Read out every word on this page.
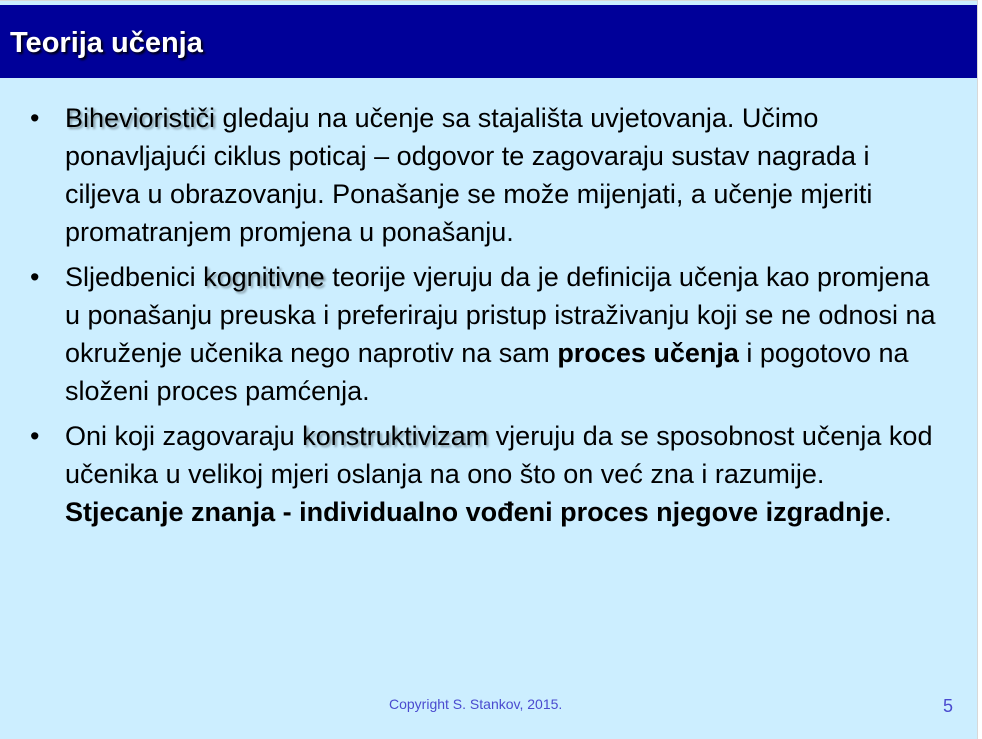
Teorija učenja
• Biheviorističi gledaju na učenje sa stajališta uvjetovanja. Učimo ponavljajući ciklus poticaj – odgovor te zagovaraju sustav nagrada i ciljeva u obrazovanju. Ponašanje se može mijenjati, a učenje mjeriti promatranjem promjena u ponašanju.
• Sljedbenici kognitivne teorije vjeruju da je definicija učenja kao promjena u ponašanju preuska i preferiraju pristup istraživanju koji se ne odnosi na okruženje učenika nego naprotiv na sam proces učenja i pogotovo na složeni proces pamćenja.
• Oni koji zagovaraju konstruktivizam vjeruju da se sposobnost učenja kod učenika u velikoj mjeri oslanja na ono što on već zna i razumije. Stjecanje znanja - individualno vođeni proces njegove izgradnje.
Copyright S. Stankov, 2015.	5
